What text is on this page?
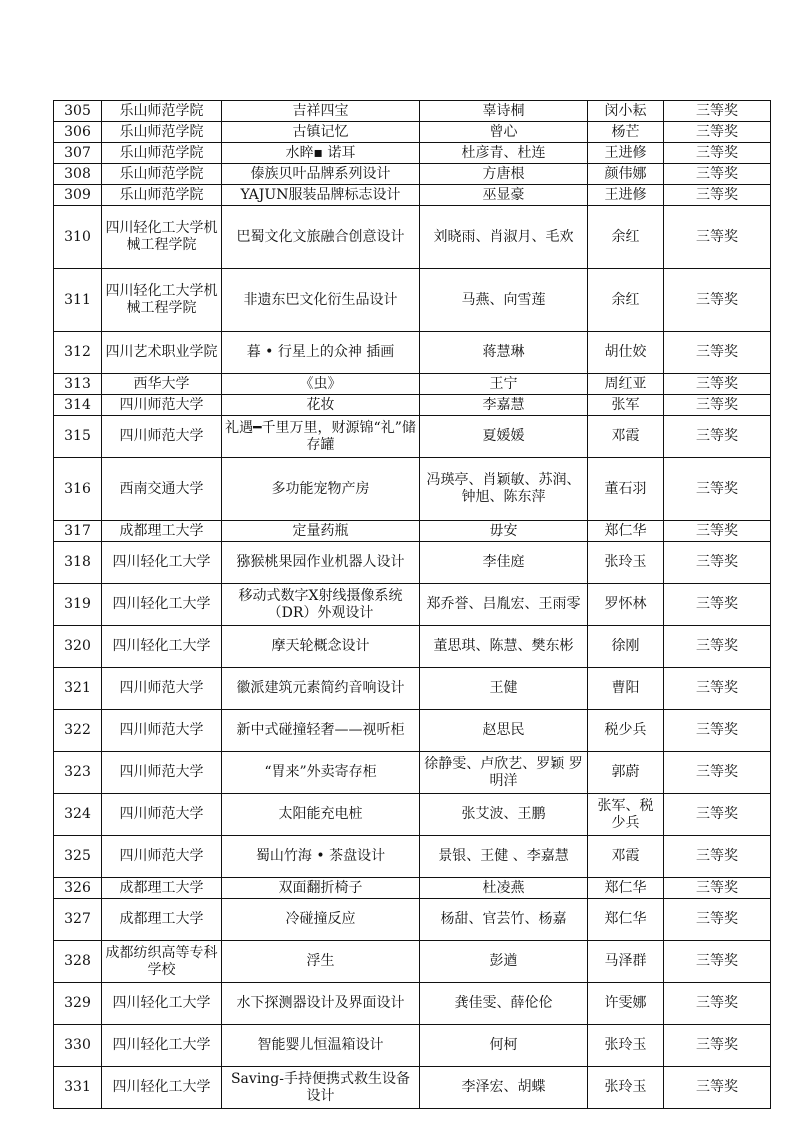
305	乐山师范学院	吉祥四宝	辜诗桐	闵小耘	三等奖
306	乐山师范学院	古镇记忆	曾心	杨芒	三等奖
307	乐山师范学院	水睟▪ 诺耳	杜彦青、杜连	王进修	三等奖
308	乐山师范学院	傣族贝叶品牌系列设计	方唐根	颜伟娜	三等奖
309	乐山师范学院	YAJUN服装品牌标志设计	巫显豪	王进修	三等奖
310	四川轻化工大学机械工程学院	巴蜀文化文旅融合创意设计	刘晓雨、肖淑月、毛欢	余红	三等奖
311	四川轻化工大学机械工程学院	非遗东巴文化衍生品设计	马燕、向雪莲	余红	三等奖
312	四川艺术职业学院	暮 • 行星上的众神 插画	蒋慧琳	胡仕姣	三等奖
313	西华大学	《虫》	王宁	周红亚	三等奖
314	四川师范大学	花妆	李嘉慧	张军	三等奖
315	四川师范大学	礼遇━千里万里，财源锦“礼”储存罐	夏媛媛	邓霞	三等奖
316	西南交通大学	多功能宠物产房	冯瑛亭、肖颖敏、苏润、钟旭、陈东萍	董石羽	三等奖
317	成都理工大学	定量药瓶	毋安	郑仁华	三等奖
318	四川轻化工大学	猕猴桃果园作业机器人设计	李佳庭	张玲玉	三等奖
319	四川轻化工大学	移动式数字X射线摄像系统（DR）外观设计	郑乔誉、吕胤宏、王雨零	罗怀林	三等奖
320	四川轻化工大学	摩天轮概念设计	董思琪、陈慧、樊东彬	徐刚	三等奖
321	四川师范大学	徽派建筑元素简约音响设计	王健	曹阳	三等奖
322	四川师范大学	新中式碰撞轻奢——视听柜	赵思民	税少兵	三等奖
323	四川师范大学	“胃来”外卖寄存柜	徐静雯、卢欣艺、罗颖 罗明洋	郭蔚	三等奖
324	四川师范大学	太阳能充电桩	张艾波、王鹏	张军、税少兵	三等奖
325	四川师范大学	蜀山竹海 • 茶盘设计	景银、王健 、李嘉慧	邓霞	三等奖
326	成都理工大学	双面翻折椅子	杜凌燕	郑仁华	三等奖
327	成都理工大学	冷碰撞反应	杨甜、官芸竹、杨嘉	郑仁华	三等奖
328	成都纺织高等专科学校	浮生	彭遒	马泽群	三等奖
329	四川轻化工大学	水下探测器设计及界面设计	龚佳雯、薛伦伦	许雯娜	三等奖
330	四川轻化工大学	智能婴儿恒温箱设计	何柯	张玲玉	三等奖
331	四川轻化工大学	Saving-手持便携式救生设备设计	李泽宏、胡蝶	张玲玉	三等奖
